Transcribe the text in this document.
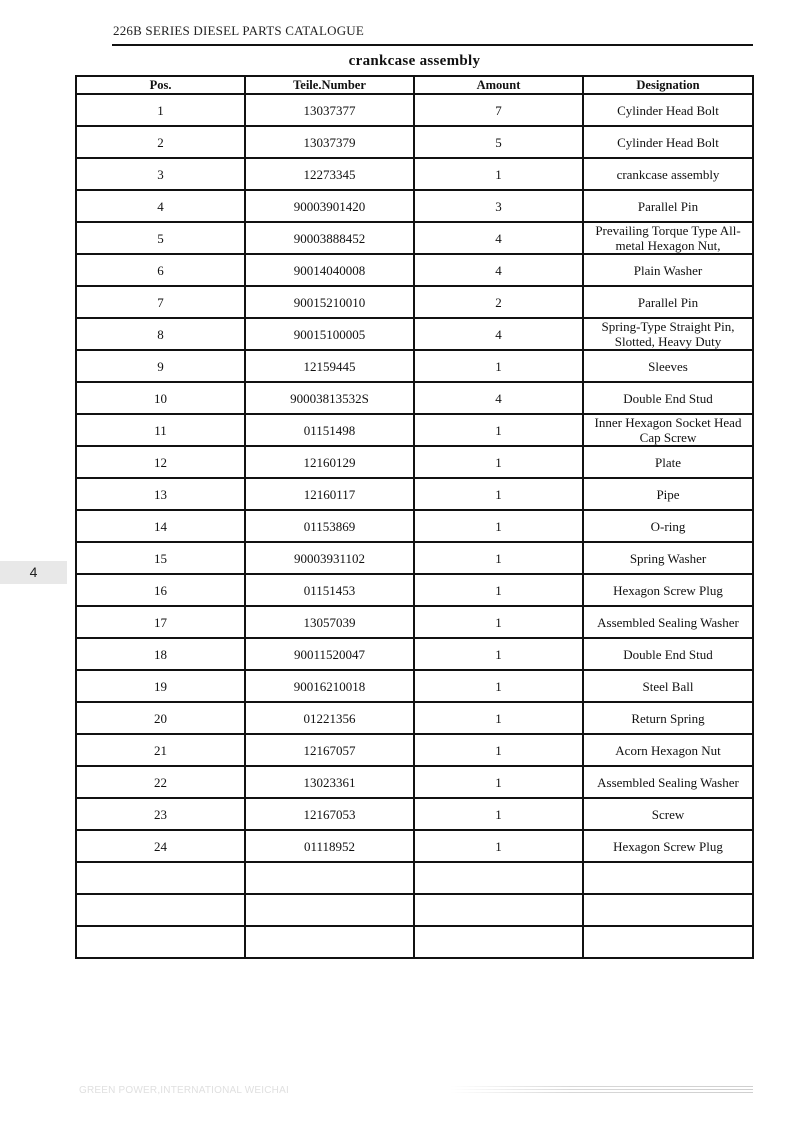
226B SERIES DIESEL PARTS CATALOGUE
4
crankcase assembly
Pos.	Teile.Number	Amount	Designation
1	13037377	7	Cylinder Head Bolt
2	13037379	5	Cylinder Head Bolt
3	12273345	1	crankcase assembly
4	90003901420	3	Parallel Pin
5	90003888452	4	Prevailing Torque Type All-metal Hexagon Nut,
6	90014040008	4	Plain Washer
7	90015210010	2	Parallel Pin
8	90015100005	4	Spring-Type Straight Pin, Slotted, Heavy Duty
9	12159445	1	Sleeves
10	90003813532S	4	Double End Stud
11	01151498	1	Inner Hexagon Socket Head Cap Screw
12	12160129	1	Plate
13	12160117	1	Pipe
14	01153869	1	O-ring
15	90003931102	1	Spring Washer
16	01151453	1	Hexagon Screw Plug
17	13057039	1	Assembled Sealing Washer
18	90011520047	1	Double End Stud
19	90016210018	1	Steel Ball
20	01221356	1	Return Spring
21	12167057	1	Acorn Hexagon Nut
22	13023361	1	Assembled Sealing Washer
23	12167053	1	Screw
24	01118952	1	Hexagon Screw Plug

GREEN POWER,INTERNATIONAL WEICHAI
